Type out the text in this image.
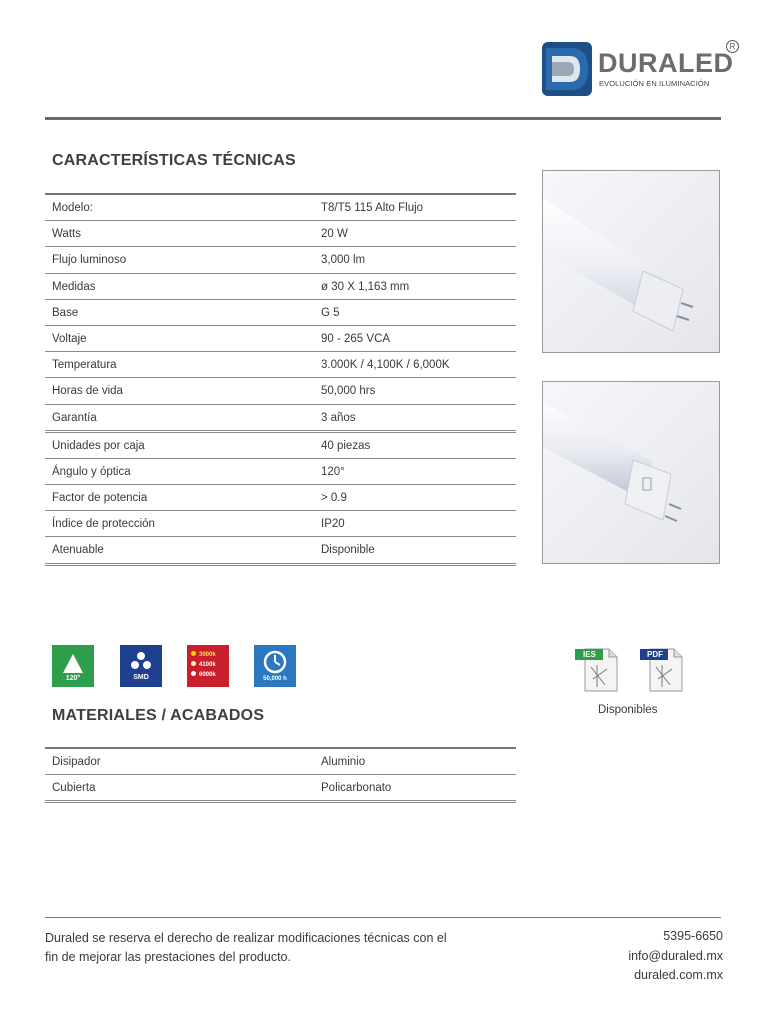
DURALED
R
EVOLUCIÓN EN ILUMINACIÓN
CARACTERÍSTICAS TÉCNICAS
Modelo:	T8/T5 115 Alto Flujo
Watts	20 W
Flujo luminoso	3,000 lm
Medidas	ø 30 X 1,163 mm
Base	G 5
Voltaje	90 - 265 VCA
Temperatura	3.000K / 4,100K / 6,000K
Horas de vida	50,000 hrs
Garantía	3 años
Unidades por caja	40 piezas
Ángulo y óptica	120°
Factor de potencia	> 0.9
Índice de protección	IP20
Atenuable	Disponible
120°	SMD
3000k
4100k
6000k
50,000 h
IES	PDF
Disponibles
MATERIALES / ACABADOS
Disipador	Aluminio
Cubierta	Policarbonato
Duraled se reserva el derecho de realizar modificaciones técnicas con el
fin de mejorar las prestaciones del producto.
5395-6650
info@duraled.mx
duraled.com.mx
